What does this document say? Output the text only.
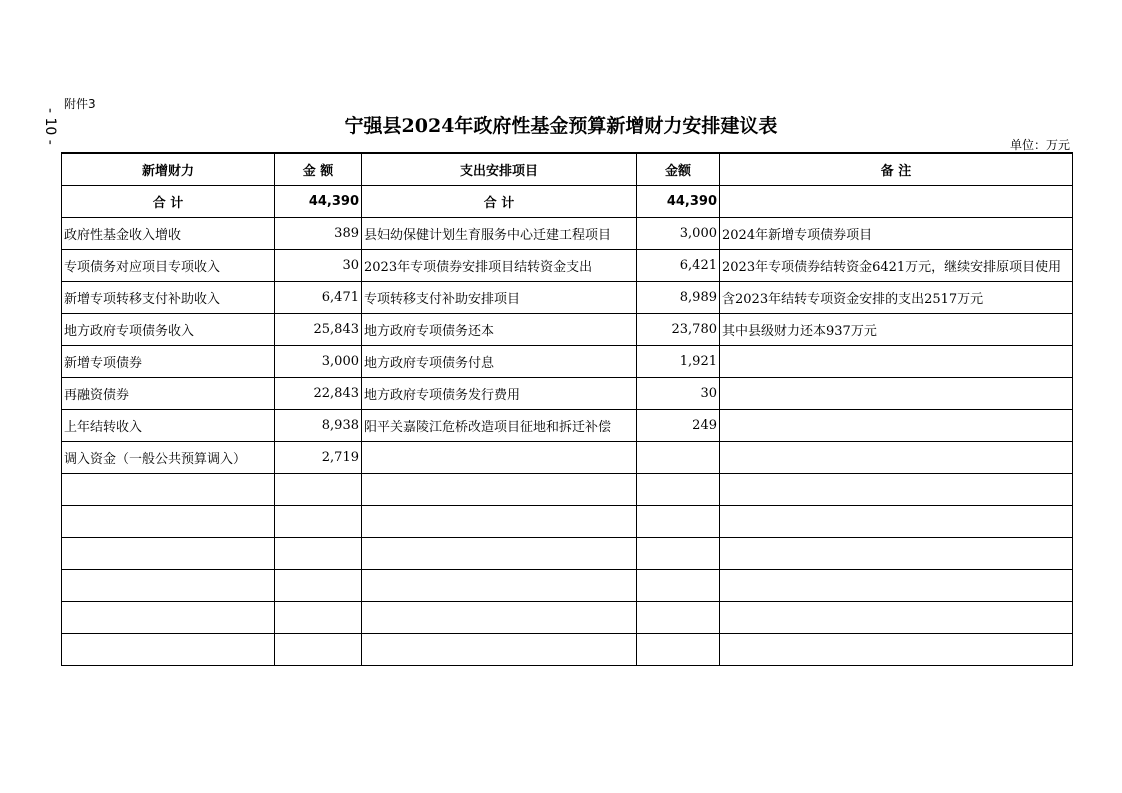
- 10 -
附件3
宁强县2024年政府性基金预算新增财力安排建议表
单位：万元
新增财力	金 额	支出安排项目	金额	备 注
合 计	44,390	合 计	44,390	
政府性基金收入增收	389	县妇幼保健计划生育服务中心迁建工程项目	3,000	2024年新增专项债券项目
专项债务对应项目专项收入	30	2023年专项债券安排项目结转资金支出	6,421	2023年专项债券结转资金6421万元，继续安排原项目使用
新增专项转移支付补助收入	6,471	专项转移支付补助安排项目	8,989	含2023年结转专项资金安排的支出2517万元
地方政府专项债务收入	25,843	地方政府专项债务还本	23,780	其中县级财力还本937万元
新增专项债券	3,000	地方政府专项债务付息	1,921	
再融资债券	22,843	地方政府专项债务发行费用	30	
上年结转收入	8,938	阳平关嘉陵江危桥改造项目征地和拆迁补偿	249	
调入资金（一般公共预算调入）	2,719			
